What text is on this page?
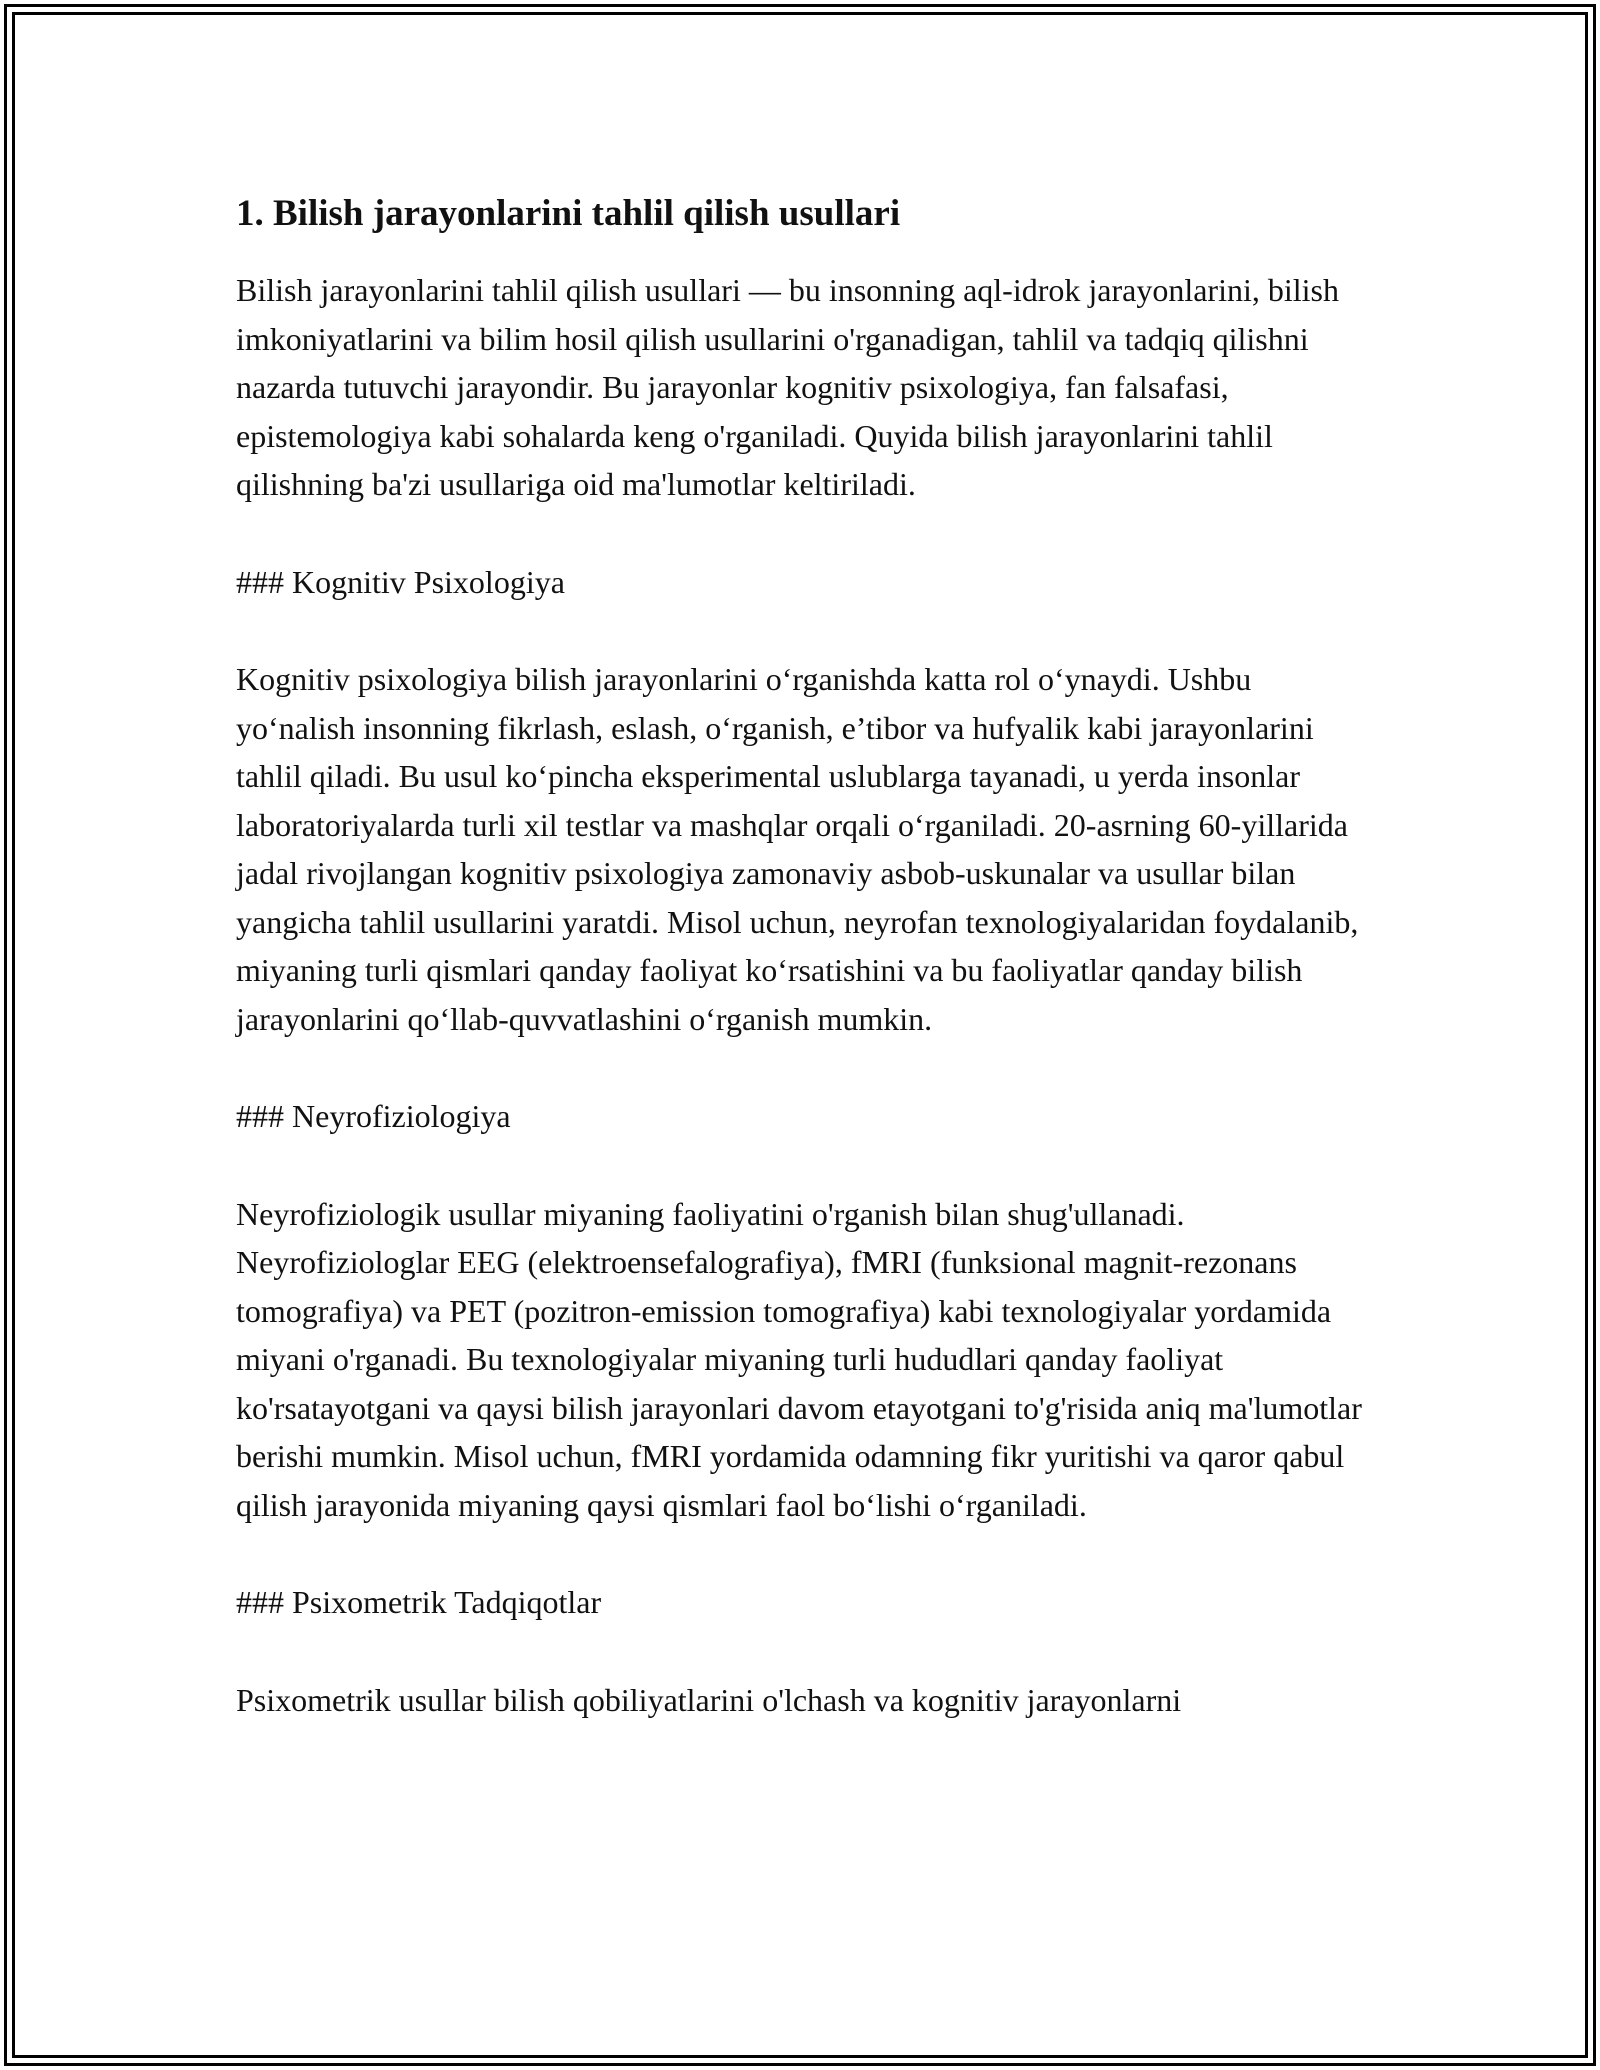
1. Bilish jarayonlarini tahlil qilish usullari

Bilish jarayonlarini tahlil qilish usullari — bu insonning aql-idrok jarayonlarini, bilish imkoniyatlarini va bilim hosil qilish usullarini o'rganadigan, tahlil va tadqiq qilishni nazarda tutuvchi jarayondir. Bu jarayonlar kognitiv psixologiya, fan falsafasi, epistemologiya kabi sohalarda keng o'rganiladi. Quyida bilish jarayonlarini tahlil qilishning ba'zi usullariga oid ma'lumotlar keltiriladi.

### Kognitiv Psixologiya

Kognitiv psixologiya bilish jarayonlarini o‘rganishda katta rol o‘ynaydi. Ushbu yo‘nalish insonning fikrlash, eslash, o‘rganish, e’tibor va hufyalik kabi jarayonlarini tahlil qiladi. Bu usul ko‘pincha eksperimental uslublarga tayanadi, u yerda insonlar laboratoriyalarda turli xil testlar va mashqlar orqali o‘rganiladi. 20-asrning 60-yillarida jadal rivojlangan kognitiv psixologiya zamonaviy asbob-uskunalar va usullar bilan yangicha tahlil usullarini yaratdi. Misol uchun, neyrofan texnologiyalaridan foydalanib, miyaning turli qismlari qanday faoliyat ko‘rsatishini va bu faoliyatlar qanday bilish jarayonlarini qo‘llab-quvvatlashini o‘rganish mumkin.

### Neyrofiziologiya

Neyrofiziologik usullar miyaning faoliyatini o'rganish bilan shug'ullanadi. Neyrofiziologlar EEG (elektroensefalografiya), fMRI (funksional magnit-rezonans tomografiya) va PET (pozitron-emission tomografiya) kabi texnologiyalar yordamida miyani o'rganadi. Bu texnologiyalar miyaning turli hududlari qanday faoliyat ko'rsatayotgani va qaysi bilish jarayonlari davom etayotgani to'g'risida aniq ma'lumotlar berishi mumkin. Misol uchun, fMRI yordamida odamning fikr yuritishi va qaror qabul qilish jarayonida miyaning qaysi qismlari faol bo‘lishi o‘rganiladi.

### Psixometrik Tadqiqotlar

Psixometrik usullar bilish qobiliyatlarini o'lchash va kognitiv jarayonlarni
